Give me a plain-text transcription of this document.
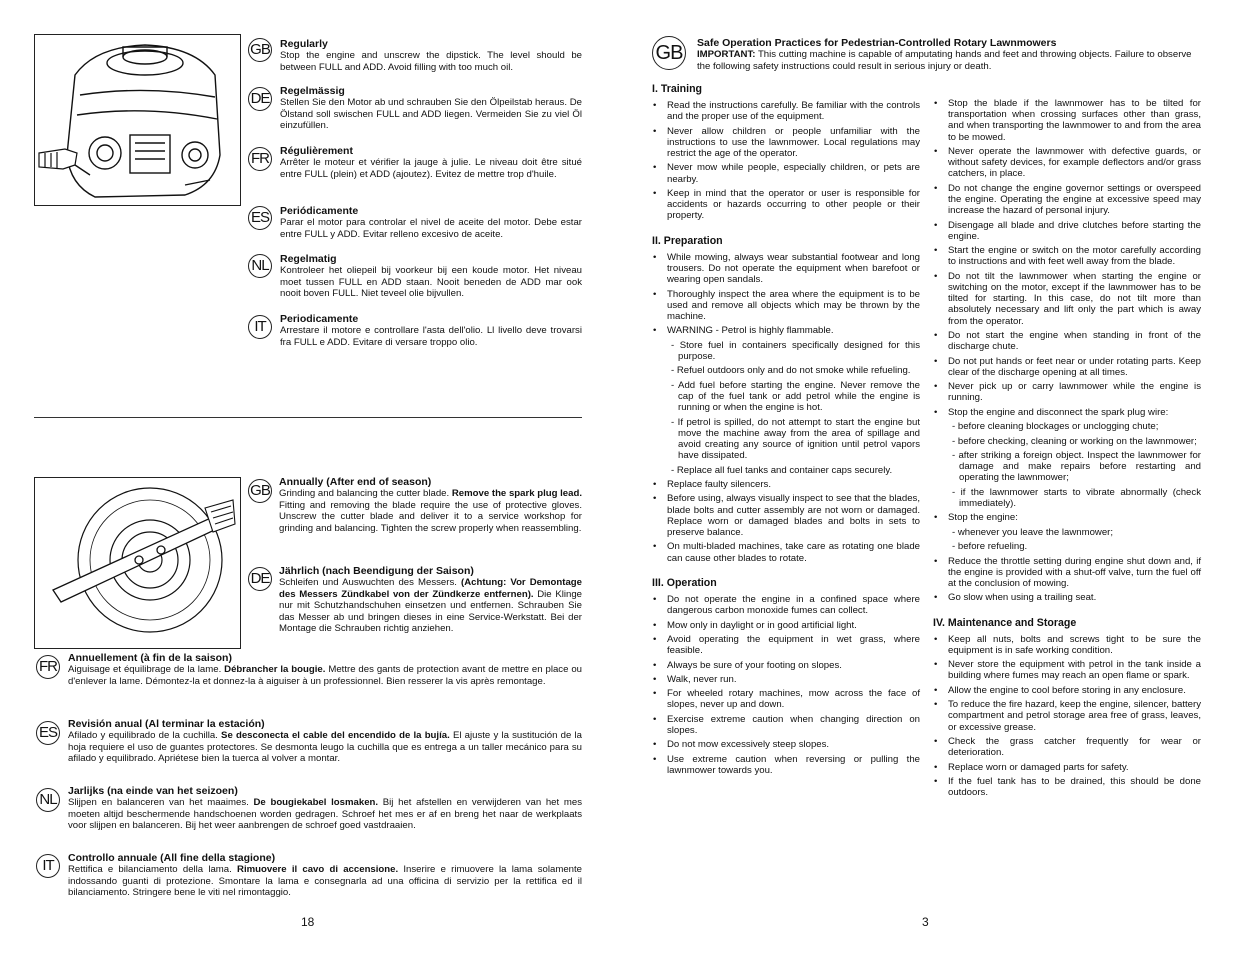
GB Regularly

Stop the engine and unscrew the dipstick. The level should be between FULL and ADD. Avoid filling with too much oil.

DE Regelmässig

Stellen Sie den Motor ab und schrauben Sie den Ölpeilstab heraus. De Ölstand soll swischen FULL and ADD liegen. Vermeiden Sie zu viel Öl einzufüllen.

FR Régulièrement

Arrêter le moteur et vérifier la jauge à julie. Le niveau doit être situé entre FULL (plein) et ADD (ajoutez). Evitez de mettre trop d'huile.

ES Periódicamente

Parar el motor para controlar el nivel de aceite del motor. Debe estar entre FULL y ADD. Evitar relleno excesivo de aceite.

NL	Regelmatig

Kontroleer het oliepeil bij voorkeur bij een koude motor. Het niveau moet tussen FULL en ADD staan. Nooit beneden de ADD mar ook nooit boven FULL. Niet teveel olie bijvullen.

IT	Periodicamente

Arrestare il motore e controllare l'asta dell'olio. Ll livello deve trovarsi fra FULL e ADD. Evitare di versare troppo olio.

GB Annually (After end of season)

Grinding and balancing the cutter blade. Remove the spark plug lead. Fitting and removing the blade require the use of protective gloves. Unscrew the cutter blade and deliver it to a service workshop for grinding and balancing. Tighten the screw properly when reassembling.

DE Jährlich (nach Beendigung der Saison)

Schleifen und Auswuchten des Messers. (Achtung: Vor Demontage des Messers Zündkabel von der Zündkerze entfernen). Die Klinge nur mit Schutzhandschuhen einsetzen und entfernen. Schrauben Sie das Messer ab und bringen dieses in eine Service-Werkstatt. Bei der Montage die Schrauben richtig anziehen.

FR Annuellement (à fin de la saison)

Aiguisage et équilibrage de la lame. Débrancher la bougie. Mettre des gants de protection avant de mettre en place ou d'enlever la lame. Démontez-la et donnez-la à aiguiser à un professionnel. Bien resserer la vis après remontage.

ES Revisión anual (Al terminar la estación)

Afilado y equilibrado de la cuchilla. Se desconecta el cable del encendido de la bujía. El ajuste y la sustitución de la hoja requiere el uso de guantes protectores. Se desmonta leugo la cuchilla que es entrega a un taller mecánico para su afilado y equilibrado. Apriétese bien la tuerca al volver a montar.

NL	Jarlijks (na einde van het seizoen)

Slijpen en balanceren van het maaimes. De bougiekabel losmaken. Bij het afstellen en verwijderen van het mes moeten altijd beschermende handschoenen worden gedragen. Schroef het mes er af en breng het naar de werkplaats voor slijpen en balanceren. Bij het weer aanbrengen de schroef goed vastdraaien.

IT	Controllo annuale (All fine della stagione)

Rettifica e bilanciamento della lama. Rimuovere il cavo di accensione. Inserire e rimuovere la lama solamente indossando guanti di protezione. Smontare la lama e consegnarla ad una officina di servizio per la rettifica ed il bilanciamento. Stringere bene le viti nel rimontaggio.

18
GB	Safe Operation Practices for Pedestrian-Controlled Rotary Lawnmowers

IMPORTANT: This cutting machine is capable of amputating hands and feet and throwing objects. Failure to observe the following safety instructions could result in serious injury or death.

I. Training
• Read the instructions carefully. Be familiar with the controls and the proper use of the equipment.
• Never allow children or people unfamiliar with the instructions to use the lawnmower. Local regulations may restrict the age of the operator.
• Never mow while people, especially children, or pets are nearby.
• Keep in mind that the operator or user is responsible for accidents or hazards occurring to other people or their property.
II. Preparation
• While mowing, always wear substantial footwear and long trousers. Do not operate the equipment when barefoot or wearing open sandals.
• Thoroughly inspect the area where the equipment is to be used and remove all objects which may be thrown by the machine.
• WARNING - Petrol is highly flammable.
- Store fuel in containers specifically designed for this purpose.
- Refuel outdoors only and do not smoke while refueling.
- Add fuel before starting the engine. Never remove the cap of the fuel tank or add petrol while the engine is running or when the engine is hot.
- If petrol is spilled, do not attempt to start the engine but move the machine away from the area of spillage and avoid creating any source of ignition until petrol vapors have dissipated.
- Replace all fuel tanks and container caps securely.
• Replace faulty silencers.
• Before using, always visually inspect to see that the blades, blade bolts and cutter assembly are not worn or damaged. Replace worn or damaged blades and bolts in sets to preserve balance.
• On multi-bladed machines, take care as rotating one blade can cause other blades to rotate.
III. Operation
• Do not operate the engine in a confined space where dangerous carbon monoxide fumes can collect.
• Mow only in daylight or in good artificial light.
• Avoid operating the equipment in wet grass, where feasible.
• Always be sure of your footing on slopes.
• Walk, never run.
• For wheeled rotary machines, mow across the face of slopes, never up and down.
• Exercise extreme caution when changing direction on slopes.
• Do not mow excessively steep slopes.
• Use extreme caution when reversing or pulling the lawnmower towards you.
• Stop the blade if the lawnmower has to be tilted for transportation when crossing surfaces other than grass, and when transporting the lawnmower to and from the area to be mowed.
• Never operate the lawnmower with defective guards, or without safety devices, for example deflectors and/or grass catchers, in place.
• Do not change the engine governor settings or overspeed the engine. Operating the engine at excessive speed may increase the hazard of personal injury.
• Disengage all blade and drive clutches before starting the engine.
• Start the engine or switch on the motor carefully according to instructions and with feet well away from the blade.
• Do not tilt the lawnmower when starting the engine or switching on the motor, except if the lawnmower has to be tilted for starting. In this case, do not tilt more than absolutely necessary and lift only the part which is away from the operator.
• Do not start the engine when standing in front of the discharge chute.
• Do not put hands or feet near or under rotating parts. Keep clear of the discharge opening at all times.
• Never pick up or carry lawnmower while the engine is running.
• Stop the engine and disconnect the spark plug wire:
- before cleaning blockages or unclogging chute;
- before checking, cleaning or working on the lawnmower;
- after striking a foreign object. Inspect the lawnmower for damage and make repairs before restarting and operating the lawnmower;
- if the lawnmower starts to vibrate abnormally (check immediately).
• Stop the engine:
- whenever you leave the lawnmower;
- before refueling.
• Reduce the throttle setting during engine shut down and, if the engine is provided with a shut-off valve, turn the fuel off at the conclusion of mowing.
• Go slow when using a trailing seat.
IV. Maintenance and Storage
• Keep all nuts, bolts and screws tight to be sure the equipment is in safe working condition.
• Never store the equipment with petrol in the tank inside a building where fumes may reach an open flame or spark.
• Allow the engine to cool before storing in any enclosure.
• To reduce the fire hazard, keep the engine, silencer, battery compartment and petrol storage area free of grass, leaves, or excessive grease.
• Check the grass catcher frequently for wear or deterioration.
• Replace worn or damaged parts for safety.
• If the fuel tank has to be drained, this should be done outdoors.
3
